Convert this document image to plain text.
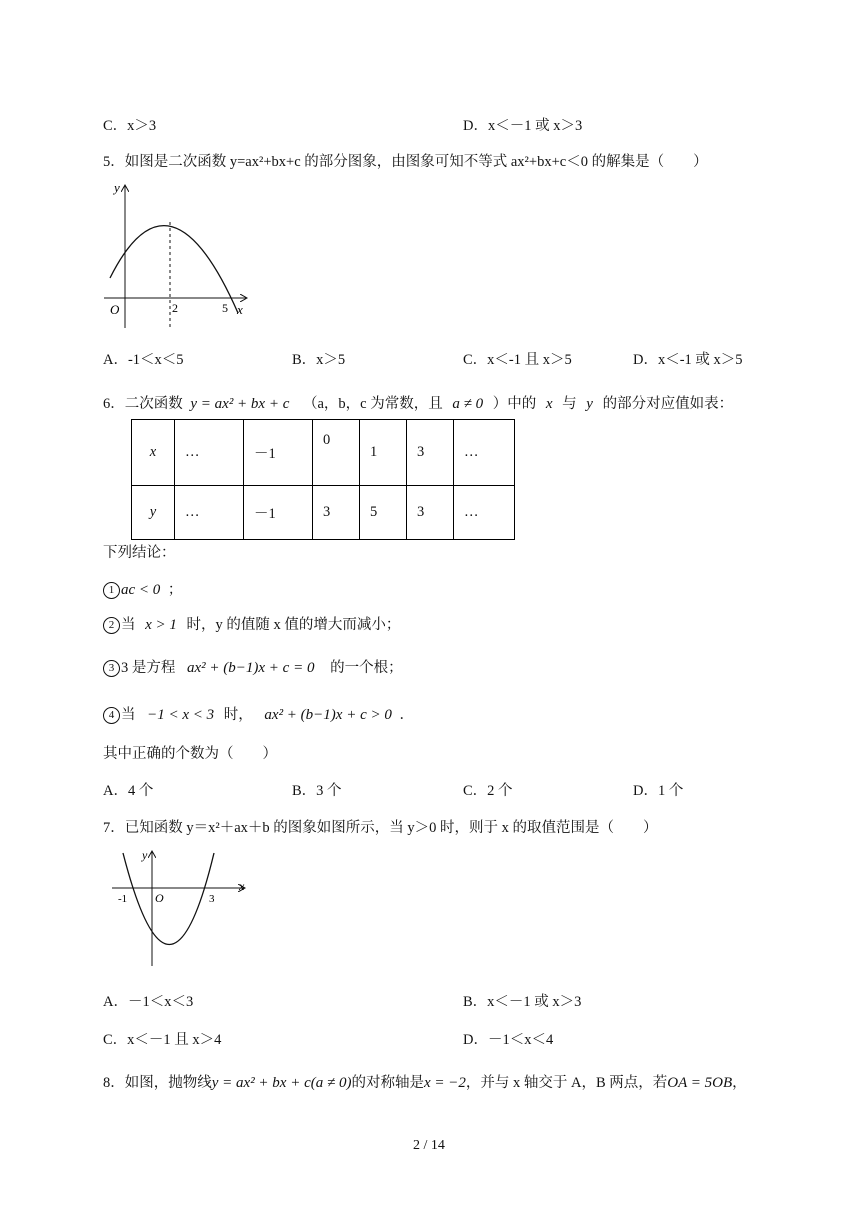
C．x＞3	D．x＜－1 或 x＞3
5．如图是二次函数 y=ax²+bx+c 的部分图象，由图象可知不等式 ax²+bx+c＜0 的解集是（　　）
y
x
O	2	5
A．-1＜x＜5	B．x＞5	C．x＜-1 且 x＞5	D．x＜-1 或 x＞5
6．二次函数 y = ax² + bx + c （a，b，c 为常数，且 a ≠ 0 ）中的 x 与 y 的部分对应值如表：
x	…	－1	0	1	3	…
y	…	－1	3	5	3	…
下列结论：
1 ac < 0 ；
2 当 x > 1 时，y 的值随 x 值的增大而减小；
3 3 是方程 ax² + (b−1)x + c = 0 的一个根；
4 当 −1 < x < 3 时， ax² + (b−1)x + c > 0 ．
其中正确的个数为（　　）
A．4 个	B．3 个	C．2 个	D．1 个
7．已知函数 y＝x²＋ax＋b 的图象如图所示，当 y＞0 时，则于 x 的取值范围是（　　）
y
x
O
-1	3
A．－1＜x＜3	B．x＜－1 或 x＞3
C．x＜－1 且 x＞4	D．－1＜x＜4
8．如图，抛物线y = ax² + bx + c(a ≠ 0)的对称轴是x = −2，并与 x 轴交于 A，B 两点，若OA = 5OB，
2 / 14
